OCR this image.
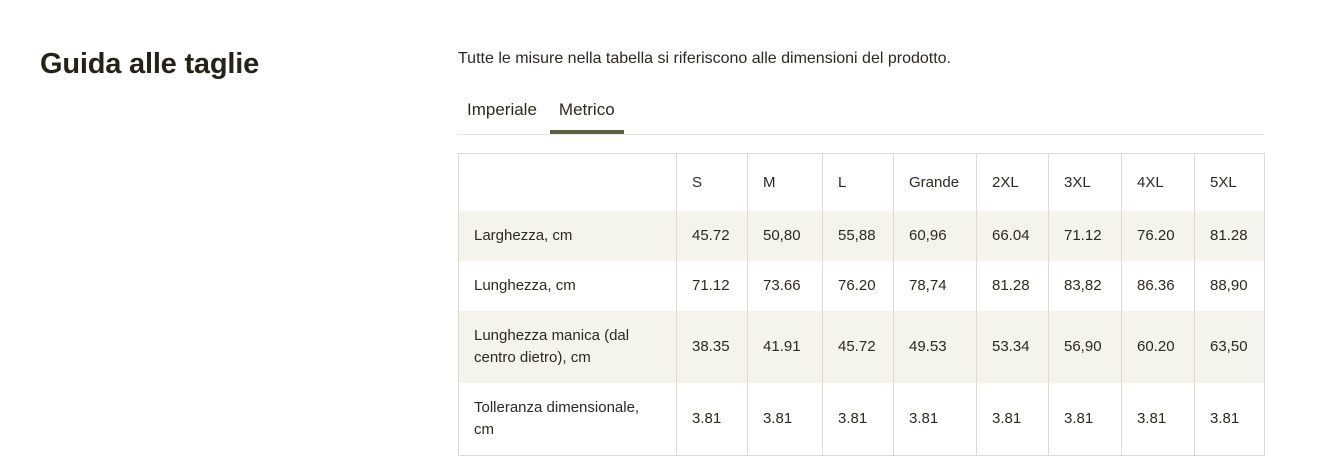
Guida alle taglie	Tutte le misure nella tabella si riferiscono alle dimensioni del prodotto.

Imperiale	Metrico
	S	M	L	Grande	2XL	3XL	4XL	5XL
Larghezza, cm	45.72	50,80	55,88	60,96	66.04	71.12	76.20	81.28
Lunghezza, cm	71.12	73.66	76.20	78,74	81.28	83,82	86.36	88,90
Lunghezza manica (dal centro dietro), cm	38.35	41.91	45.72	49.53	53.34	56,90	60.20	63,50
Tolleranza dimensionale, cm	3.81	3.81	3.81	3.81	3.81	3.81	3.81	3.81
